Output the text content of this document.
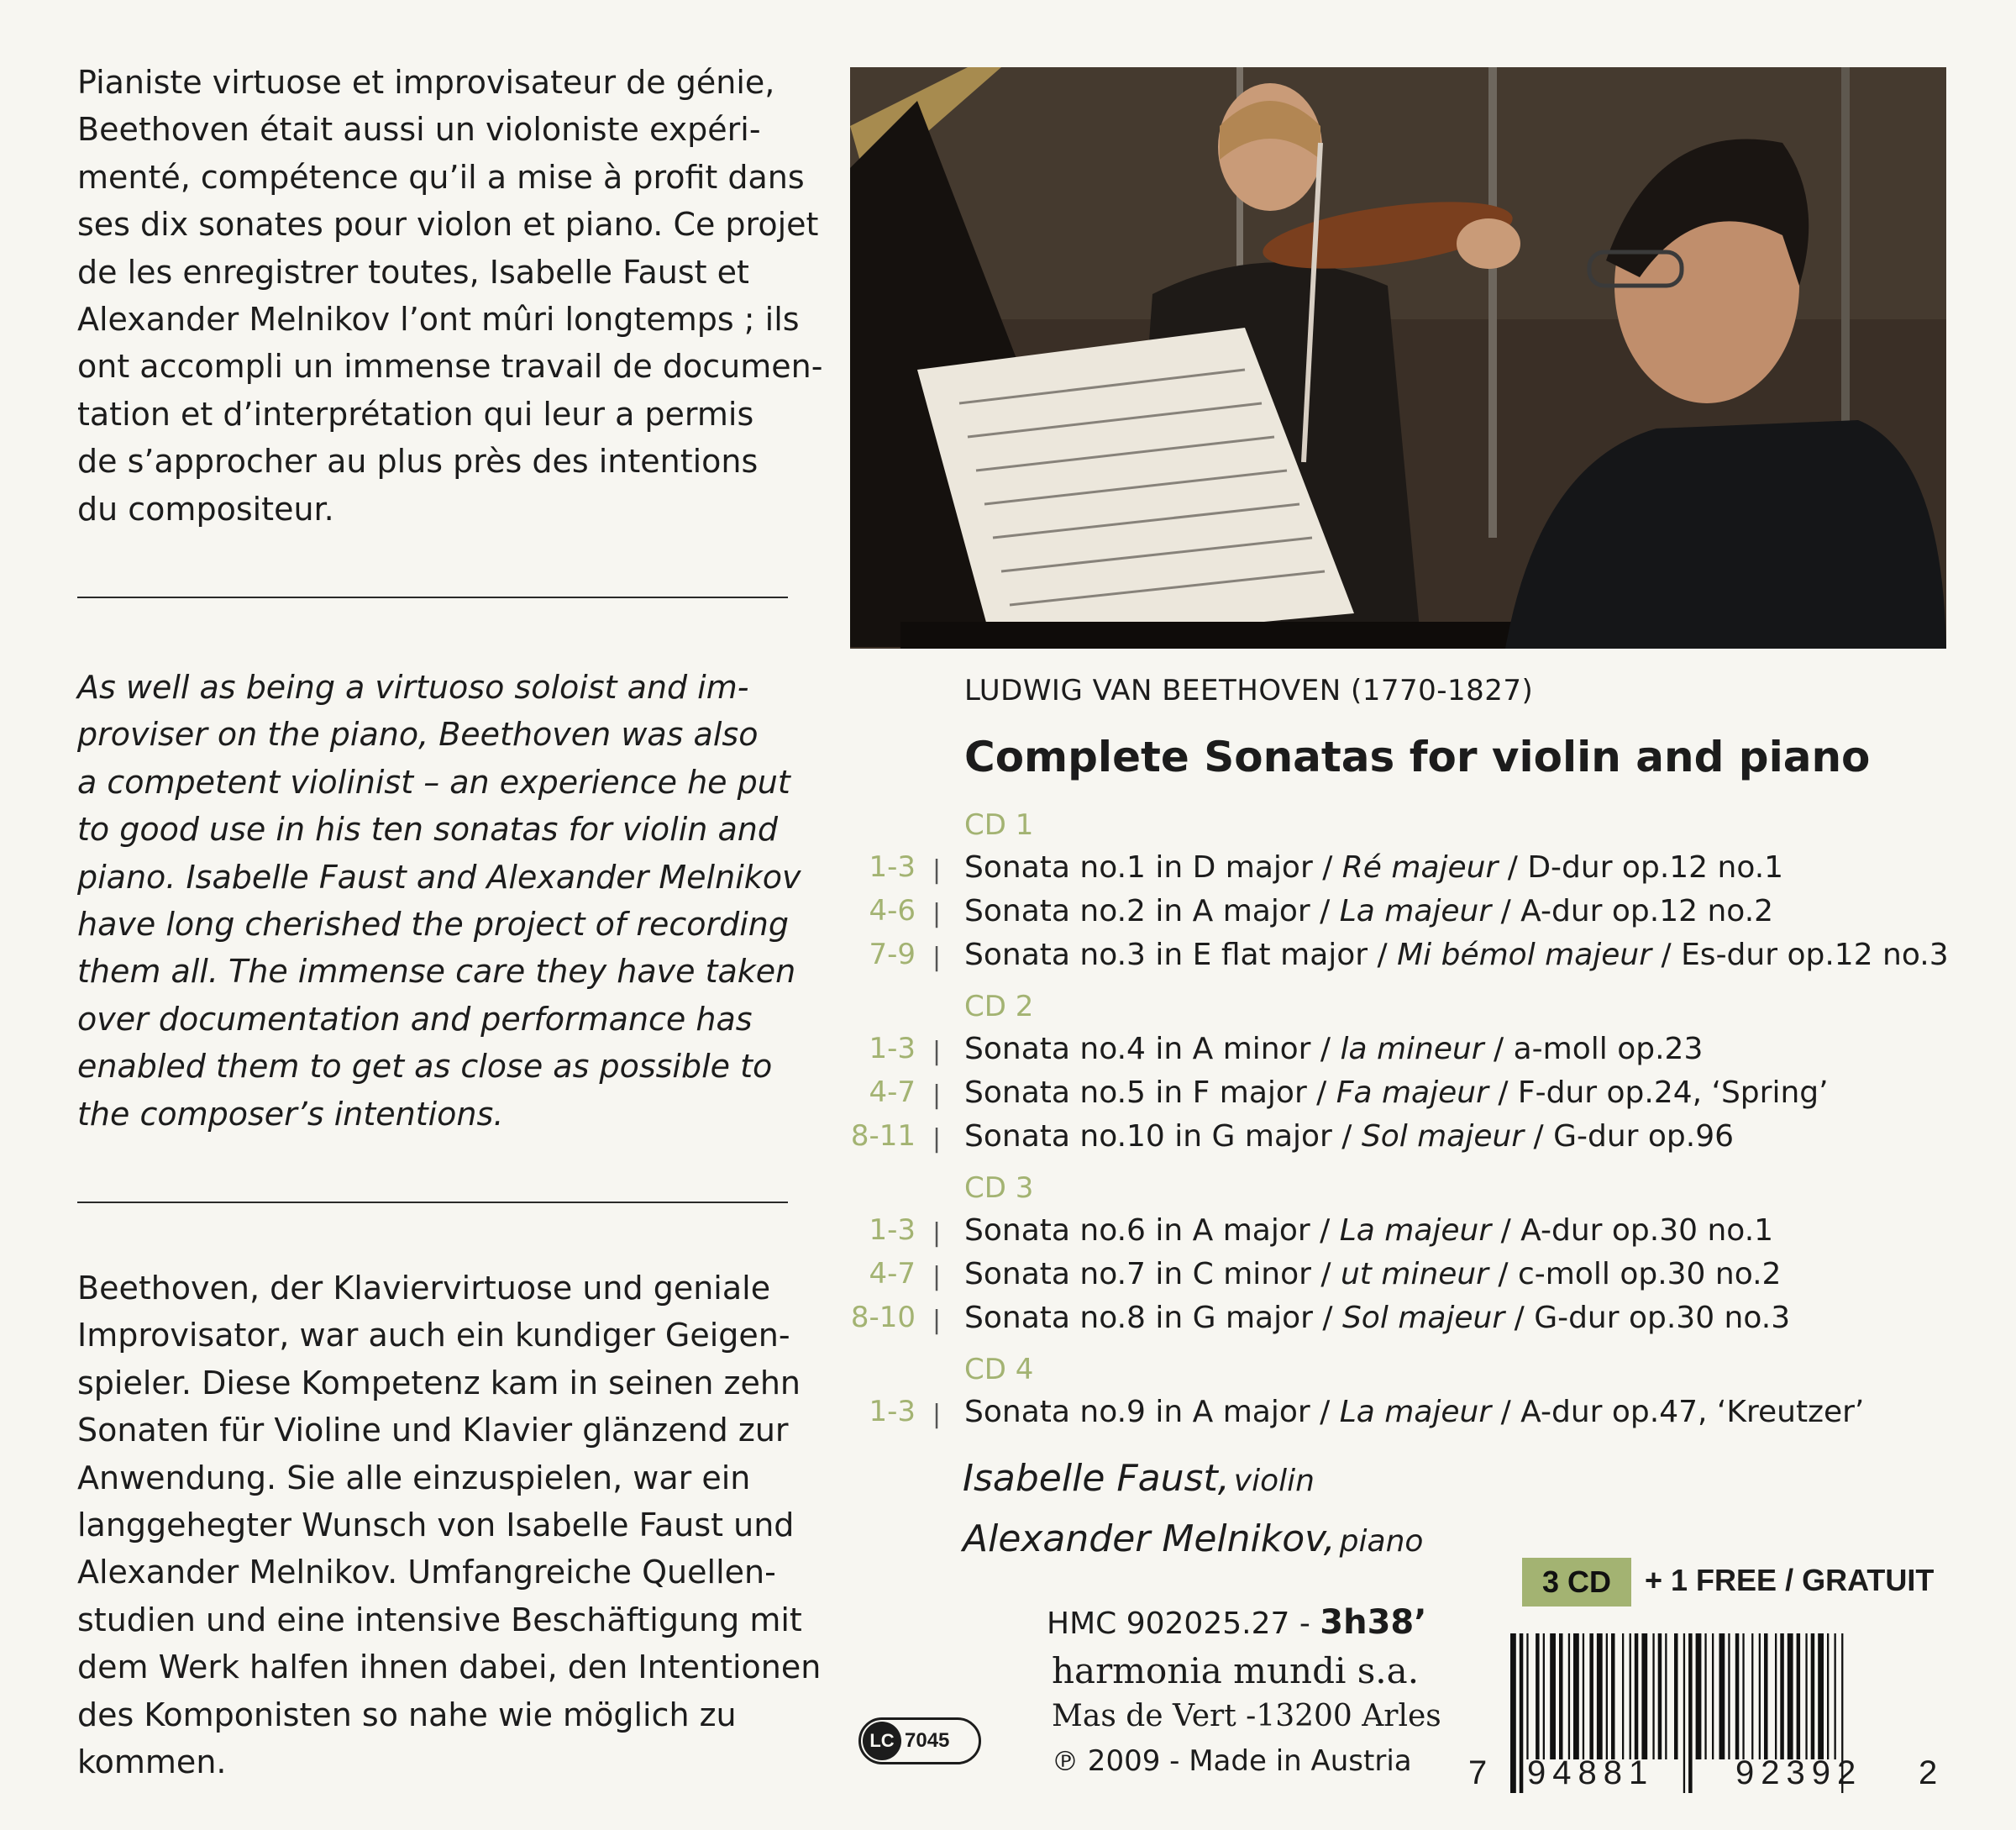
Pianiste virtuose et improvisateur de génie,
Beethoven était aussi un violoniste expéri-
menté, compétence qu’il a mise à profit dans
ses dix sonates pour violon et piano. Ce projet
de les enregistrer toutes, Isabelle Faust et
Alexander Melnikov l’ont mûri longtemps ; ils
ont accompli un immense travail de documen-
tation et d’interprétation qui leur a permis
de s’approcher au plus près des intentions
du compositeur.

As well as being a virtuoso soloist and im-
proviser on the piano, Beethoven was also
a competent violinist – an experience he put
to good use in his ten sonatas for violin and
piano. Isabelle Faust and Alexander Melnikov
have long cherished the project of recording
them all. The immense care they have taken
over documentation and performance has
enabled them to get as close as possible to
the composer’s intentions.

Beethoven, der Klaviervirtuose und geniale
Improvisator, war auch ein kundiger Geigen-
spieler. Diese Kompetenz kam in seinen zehn
Sonaten für Violine und Klavier glänzend zur
Anwendung. Sie alle einzuspielen, war ein
langgehegter Wunsch von Isabelle Faust und
Alexander Melnikov. Umfangreiche Quellen-
studien und eine intensive Beschäftigung mit
dem Werk halfen ihnen dabei, den Intentionen
des Komponisten so nahe wie möglich zu
kommen.

LUDWIG VAN BEETHOVEN (1770-1827)
Complete Sonatas for violin and piano
CD 1
1-3 | Sonata no.1 in D major / Ré majeur / D-dur op.12 no.1
4-6 | Sonata no.2 in A major / La majeur / A-dur op.12 no.2
7-9 | Sonata no.3 in E flat major / Mi bémol majeur / Es-dur op.12 no.3
CD 2
1-3 | Sonata no.4 in A minor / la mineur / a-moll op.23
4-7 | Sonata no.5 in F major / Fa majeur / F-dur op.24, ‘Spring’
8-11 | Sonata no.10 in G major / Sol majeur / G-dur op.96
CD 3
1-3 | Sonata no.6 in A major / La majeur / A-dur op.30 no.1
4-7 | Sonata no.7 in C minor / ut mineur / c-moll op.30 no.2
8-10 | Sonata no.8 in G major / Sol majeur / G-dur op.30 no.3
CD 4
1-3 | Sonata no.9 in A major / La majeur / A-dur op.47, ‘Kreutzer’
Isabelle Faust, violin
Alexander Melnikov, piano
3 CD	+ 1 FREE / GRATUIT
HMC 902025.27 - 3h38’
harmonia mundi s.a.
Mas de Vert -13200 Arles
℗ 2009 - Made in Austria
LC 7045
7 94881 92392 2
